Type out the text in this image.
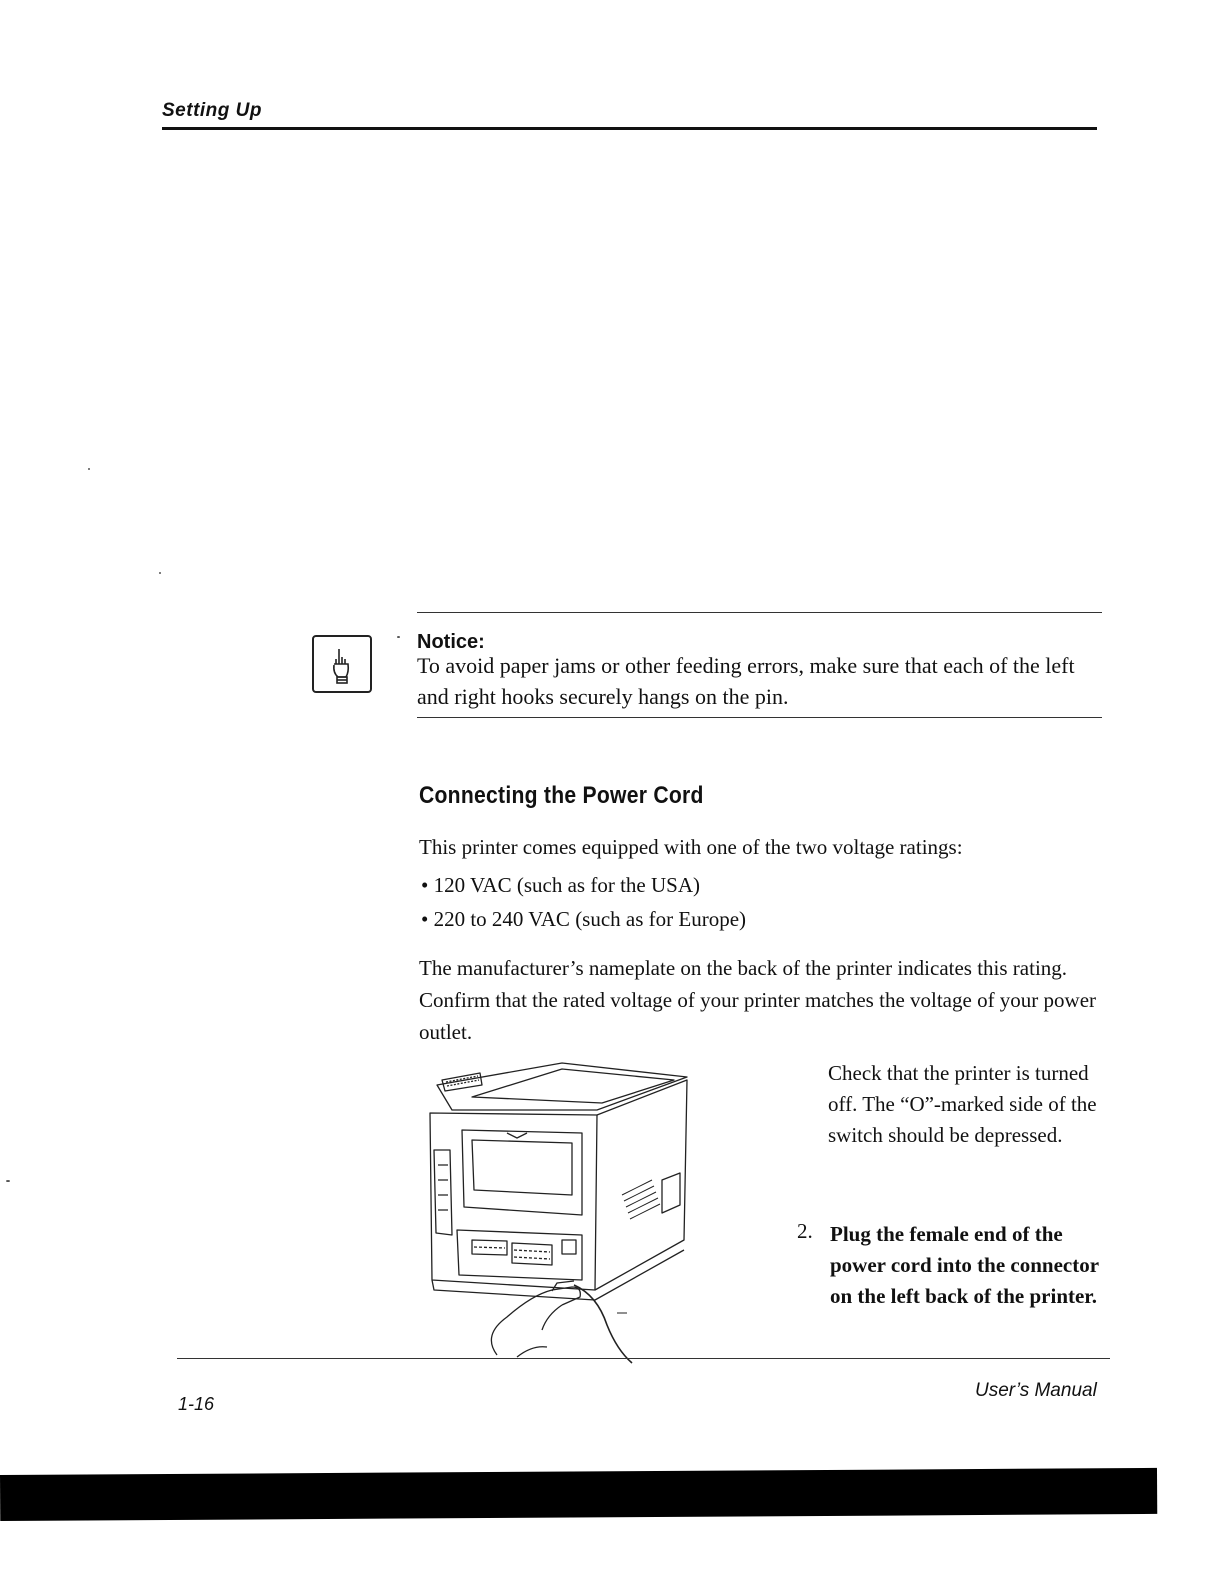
Setting Up
Notice:
To avoid paper jams or other feeding errors, make sure that each of the left and right hooks securely hangs on the pin.
Connecting the Power Cord
This printer comes equipped with one of the two voltage ratings:
• 120 VAC (such as for the USA)
• 220 to 240 VAC (such as for Europe)
The manufacturer’s nameplate on the back of the printer indicates this rating. Confirm that the rated voltage of your printer matches the voltage of your power outlet.
Check that the printer is turned off. The “O”-marked side of the switch should be depressed.
2. Plug the female end of the power cord into the connector on the left back of the printer.
1-16
User’s Manual
